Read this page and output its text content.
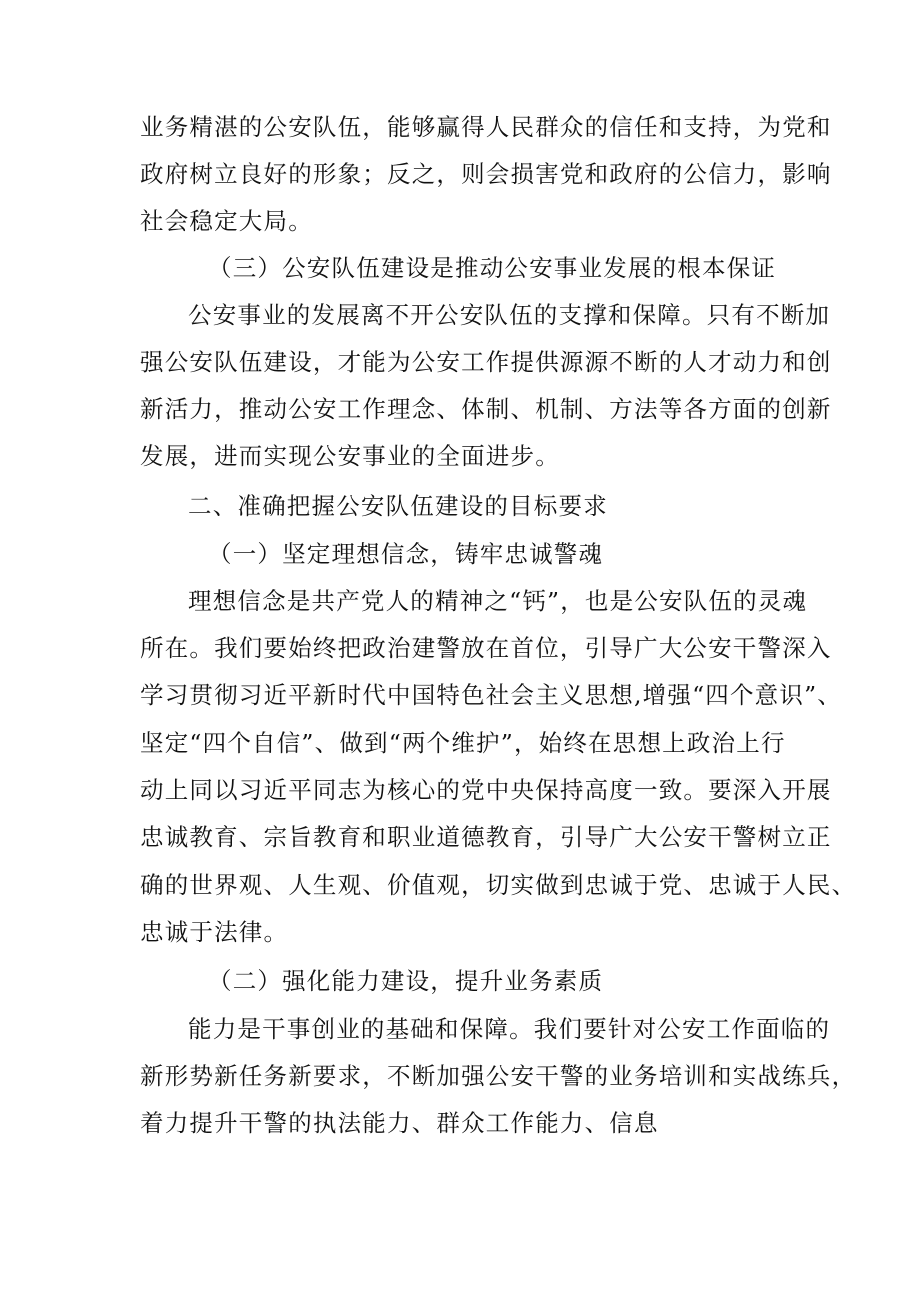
业务精湛的公安队伍，能够赢得人民群众的信任和支持，为党和
政府树立良好的形象；反之，则会损害党和政府的公信力，影响
社会稳定大局。
（三）公安队伍建设是推动公安事业发展的根本保证
公安事业的发展离不开公安队伍的支撑和保障。只有不断加
强公安队伍建设，才能为公安工作提供源源不断的人才动力和创
新活力，推动公安工作理念、体制、机制、方法等各方面的创新
发展，进而实现公安事业的全面进步。
二、准确把握公安队伍建设的目标要求
（一）坚定理想信念，铸牢忠诚警魂
理想信念是共产党人的精神之“钙”，也是公安队伍的灵魂
所在。我们要始终把政治建警放在首位，引导广大公安干警深入
学习贯彻习近平新时代中国特色社会主义思想,增强“四个意识”、
坚定“四个自信”、做到“两个维护”，始终在思想上政治上行
动上同以习近平同志为核心的党中央保持高度一致。要深入开展
忠诚教育、宗旨教育和职业道德教育，引导广大公安干警树立正
确的世界观、人生观、价值观，切实做到忠诚于党、忠诚于人民、
忠诚于法律。
（二）强化能力建设，提升业务素质
能力是干事创业的基础和保障。我们要针对公安工作面临的
新形势新任务新要求，不断加强公安干警的业务培训和实战练兵，
着力提升干警的执法能力、群众工作能力、信息
